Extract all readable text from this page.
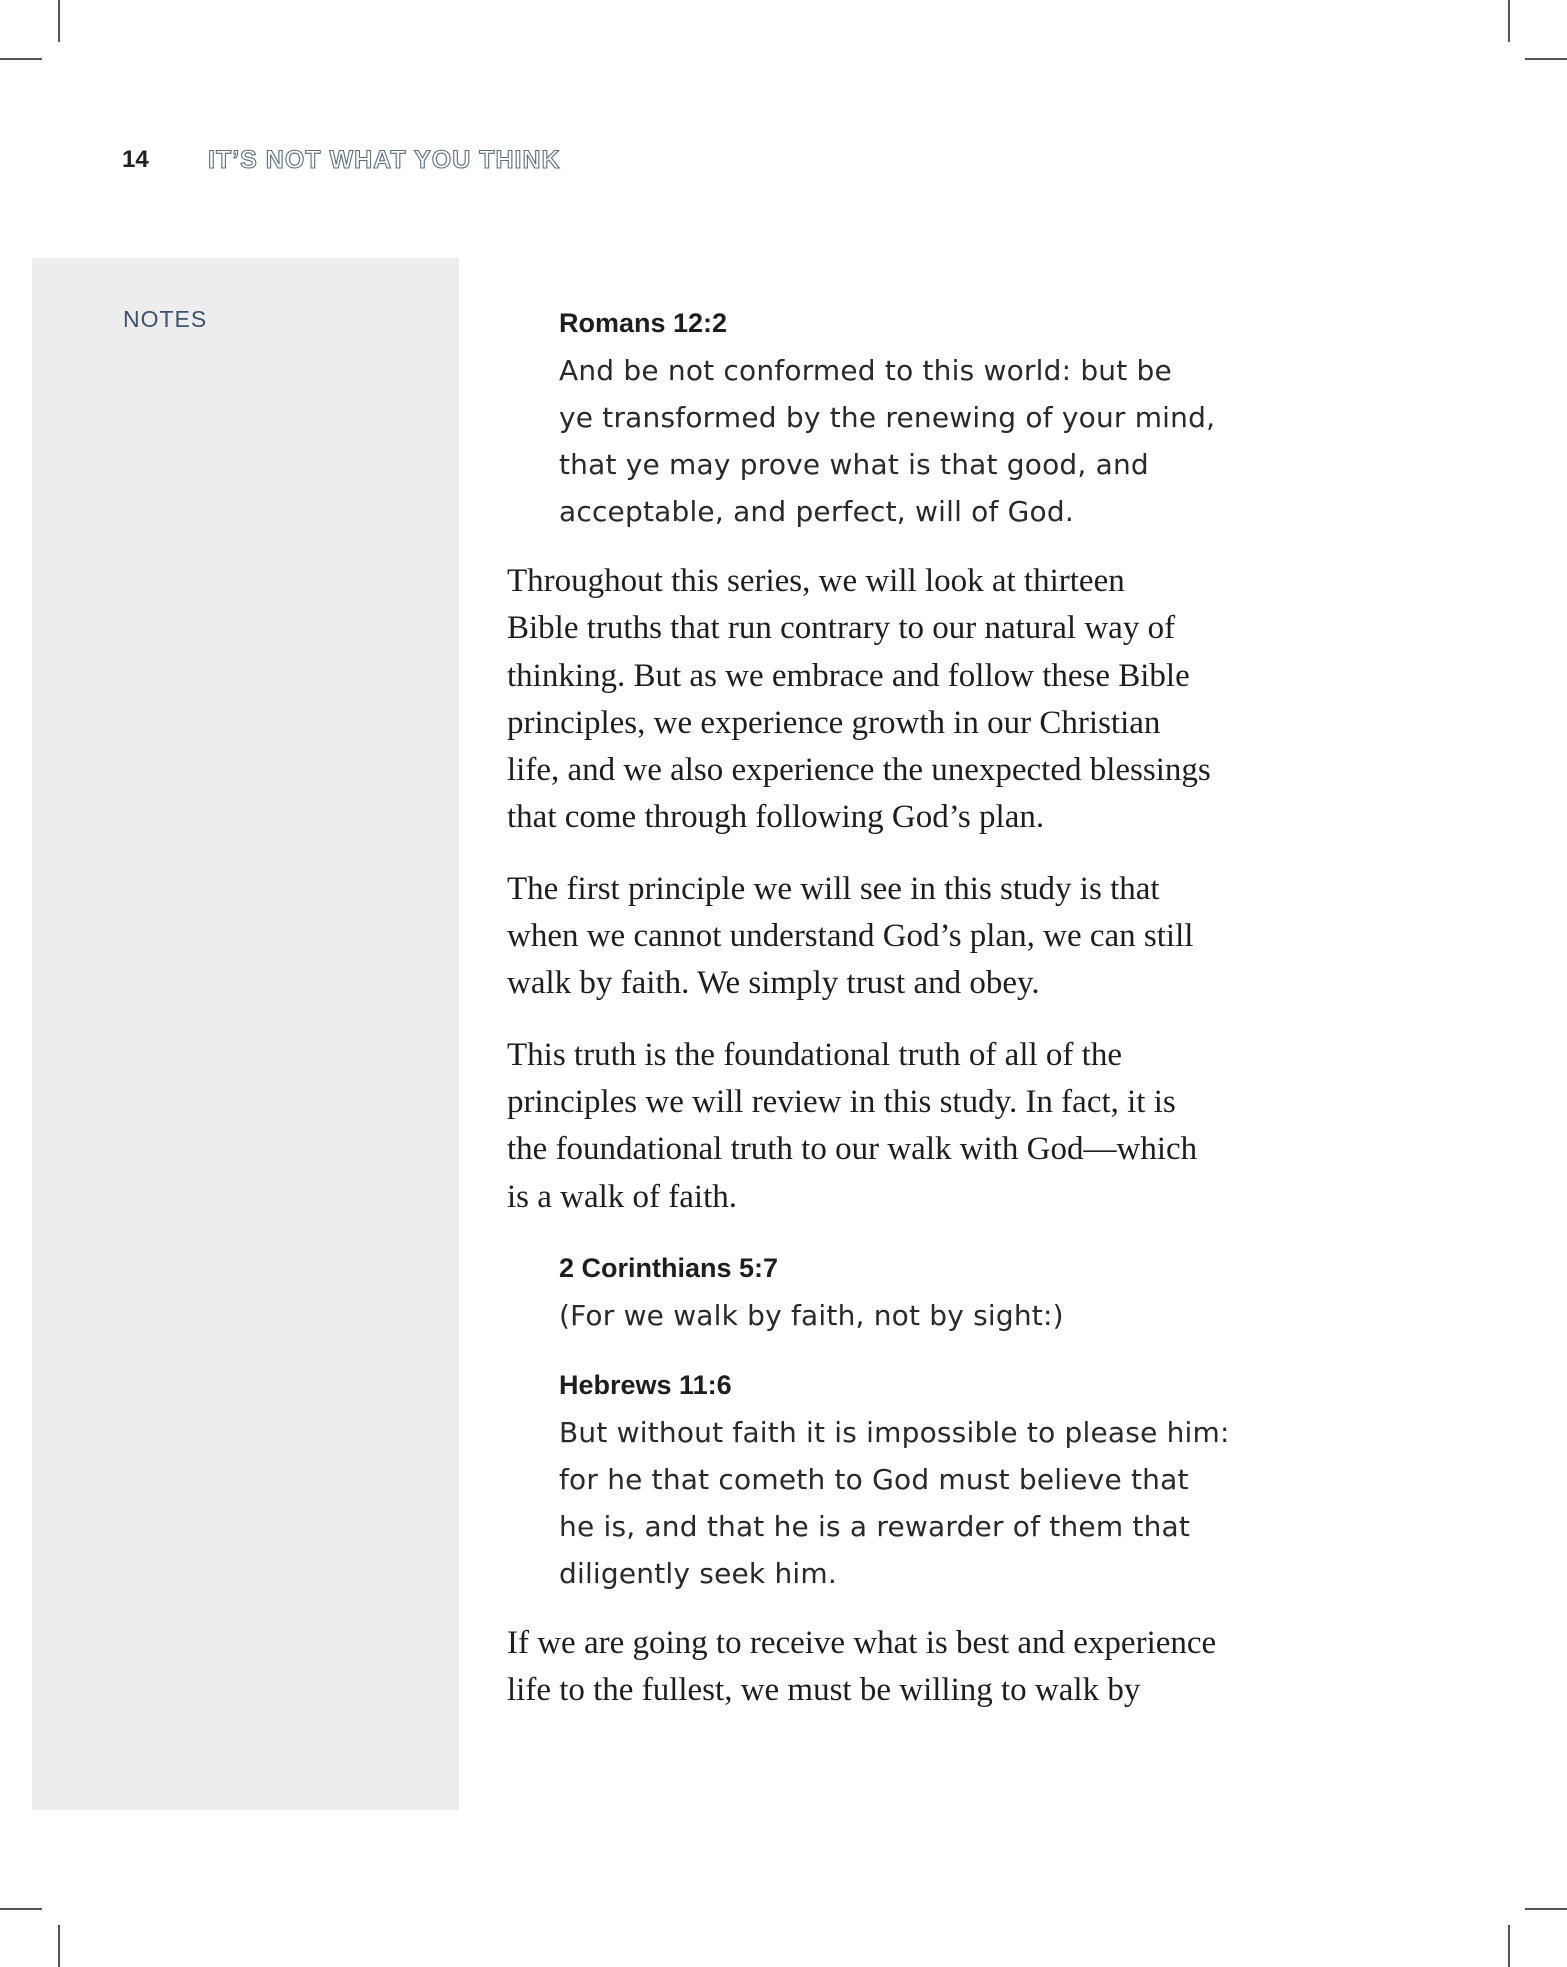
14 IT’S NOT WHAT YOU THINK
NOTES	Romans 12:2
And be not conformed to this world: but be
ye transformed by the renewing of your mind,
that ye may prove what is that good, and
acceptable, and perfect, will of God.
Throughout this series, we will look at thirteen
Bible truths that run contrary to our natural way of
thinking. But as we embrace and follow these Bible
principles, we experience growth in our Christian
life, and we also experience the unexpected blessings
that come through following God’s plan.
The first principle we will see in this study is that
when we cannot understand God’s plan, we can still
walk by faith. We simply trust and obey.
This truth is the foundational truth of all of the
principles we will review in this study. In fact, it is
the foundational truth to our walk with God—which
is a walk of faith.
2 Corinthians 5:7
(For we walk by faith, not by sight:)
Hebrews 11:6
But without faith it is impossible to please him:
for he that cometh to God must believe that
he is, and that he is a rewarder of them that
diligently seek him.
If we are going to receive what is best and experience
life to the fullest, we must be willing to walk by
